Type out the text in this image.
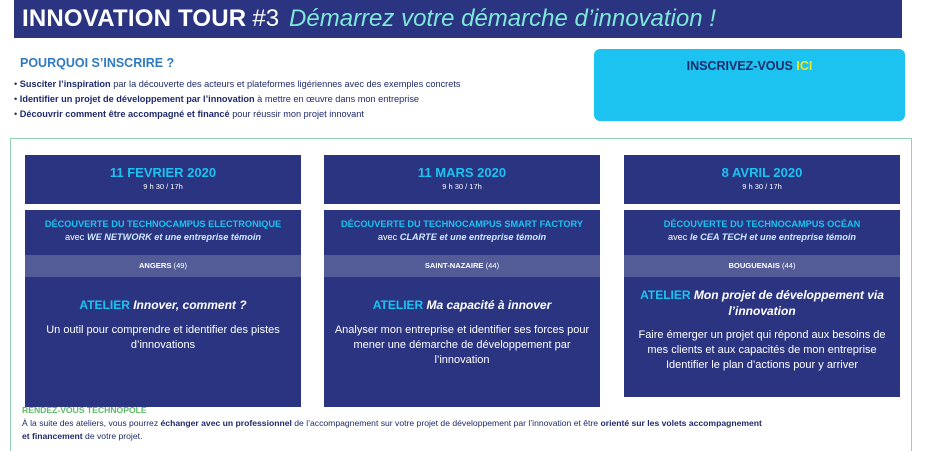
INNOVATION TOUR #3 Démarrez votre démarche d’innovation !
POURQUOI S’INSCRIRE ?
• Susciter l’inspiration par la découverte des acteurs et plateformes ligériennes avec des exemples concrets
• Identifier un projet de développement par l’innovation à mettre en œuvre dans mon entreprise
• Découvrir comment être accompagné et financé pour réussir mon projet innovant
INSCRIVEZ-VOUS ICI
11 FEVRIER 2020
9 h 30 / 17h
DÉCOUVERTE DU TECHNOCAMPUS ELECTRONIQUE
avec WE NETWORK et une entreprise témoin
ANGERS (49)
ATELIER Innover, comment ?
Un outil pour comprendre et identifier des pistes d’innovations
11 MARS 2020
9 h 30 / 17h
DÉCOUVERTE DU TECHNOCAMPUS SMART FACTORY
avec CLARTE et une entreprise témoin
SAINT-NAZAIRE (44)
ATELIER Ma capacité à innover
Analyser mon entreprise et identifier ses forces pour mener une démarche de développement par l’innovation
8 AVRIL 2020
9 h 30 / 17h
DÉCOUVERTE DU TECHNOCAMPUS OCÉAN
avec le CEA TECH et une entreprise témoin
BOUGUENAIS (44)
ATELIER Mon projet de développement via l’innovation
Faire émerger un projet qui répond aux besoins de mes clients et aux capacités de mon entreprise Identifier le plan d’actions pour y arriver
RENDEZ-VOUS TECHNOPOLE
À la suite des ateliers, vous pourrez échanger avec un professionnel de l’accompagnement sur votre projet de développement par l’innovation et être orienté sur les volets accompagnement et financement de votre projet.
